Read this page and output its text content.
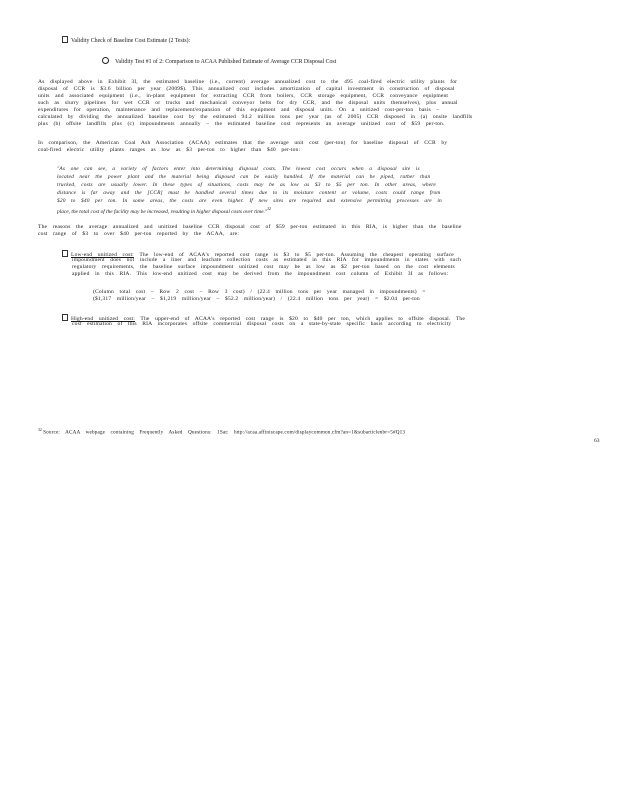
Validity Check of Baseline Cost Estimate (2 Tests):
Validity Test #1 of 2: Comparison to ACAA Published Estimate of Average CCR Disposal Cost
As displayed above in Exhibit 3I, the estimated baseline (i.e., current) average annualized cost to the 495 coal-fired electric utility plants for
disposal of CCR is $3.6 billion per year (2009$). This annualized cost includes amortization of capital investment in construction of disposal
units and associated equipment (i.e., in-plant equipment for extracting CCR from boilers, CCR storage equipment, CCR conveyance equipment
such as slurry pipelines for wet CCR or trucks and mechanical conveyor belts for dry CCR, and the disposal units themselves), plus annual
expenditures for operation, maintenance and replacement/expansion of this equipment and disposal units. On a unitized cost-per-ton basis –
calculated by dividing the annualized baseline cost by the estimated 94.2 million tons per year (as of 2005) CCR disposed in (a) onsite landfills
plus (b) offsite landfills plus (c) impoundments annually – the estimated baseline cost represents an average unitized cost of $59 per-ton.
In comparison, the American Coal Ash Association (ACAA) estimates that the average unit cost (per-ton) for baseline disposal of CCR by
coal-fired electric utility plants ranges as low as $3 per-ton to higher than $40 per-ton:
"As one can see, a variety of factors enter into determining disposal costs. The lowest cost occurs when a disposal site is
located near the power plant and the material being disposed can be easily handled. If the material can be piped, rather than
trucked, costs are usually lower. In these types of situations, costs may be as low as $3 to $5 per ton. In other areas, where
distance is far away and the [CCR] must be handled several times due to its moisture content or volume, costs could range from
$20 to $40 per ton. In some areas, the costs are even higher. If new sites are required and extensive permitting processes are in
place, the total cost of the facility may be increased, resulting in higher disposal costs over time."$^{32}$
The reasons the average annualized and unitized baseline CCR disposal cost of $59 per-ton estimated in this RIA, is higher than the baseline
cost range of $3 to over $40 per-ton reported by the ACAA, are:
Low-end unitized cost: The low-end of ACAA's reported cost range is $3 to $5 per-ton. Assuming the cheapest operating surface
impoundment does not include a liner and leachate collection costs as estimated in this RIA for impoundments in states with such
regulatory requirements, the baseline surface impoundment unitized cost may be as low as $2 per-ton based on the cost elements
applied in this RIA. This low-end unitized cost may be derived from the impoundment cost column of Exhibit 3I as follows:
(Column total cost – Row 2 cost – Row 3 cost) / (22.4 million tons per year managed in impoundments) =
($1,317 million/year – $1,219 million/year – $52.2 million/year) / (22.4 million tons per year) = $2.04 per-ton
High-end unitized cost: The upper-end of ACAA's reported cost range is $20 to $40 per ton, which applies to offsite disposal. The
cost estimation of this RIA incorporates offsite commercial disposal costs on a state-by-state specific basis according to electricity
$^{32}$ Source: ACAA webpage containing Frequently Asked Questions: 1Sat: http://acaa.affiniscape.com/displaycommon.cfm?an=1&subarticlenbr=5#Q13
63
